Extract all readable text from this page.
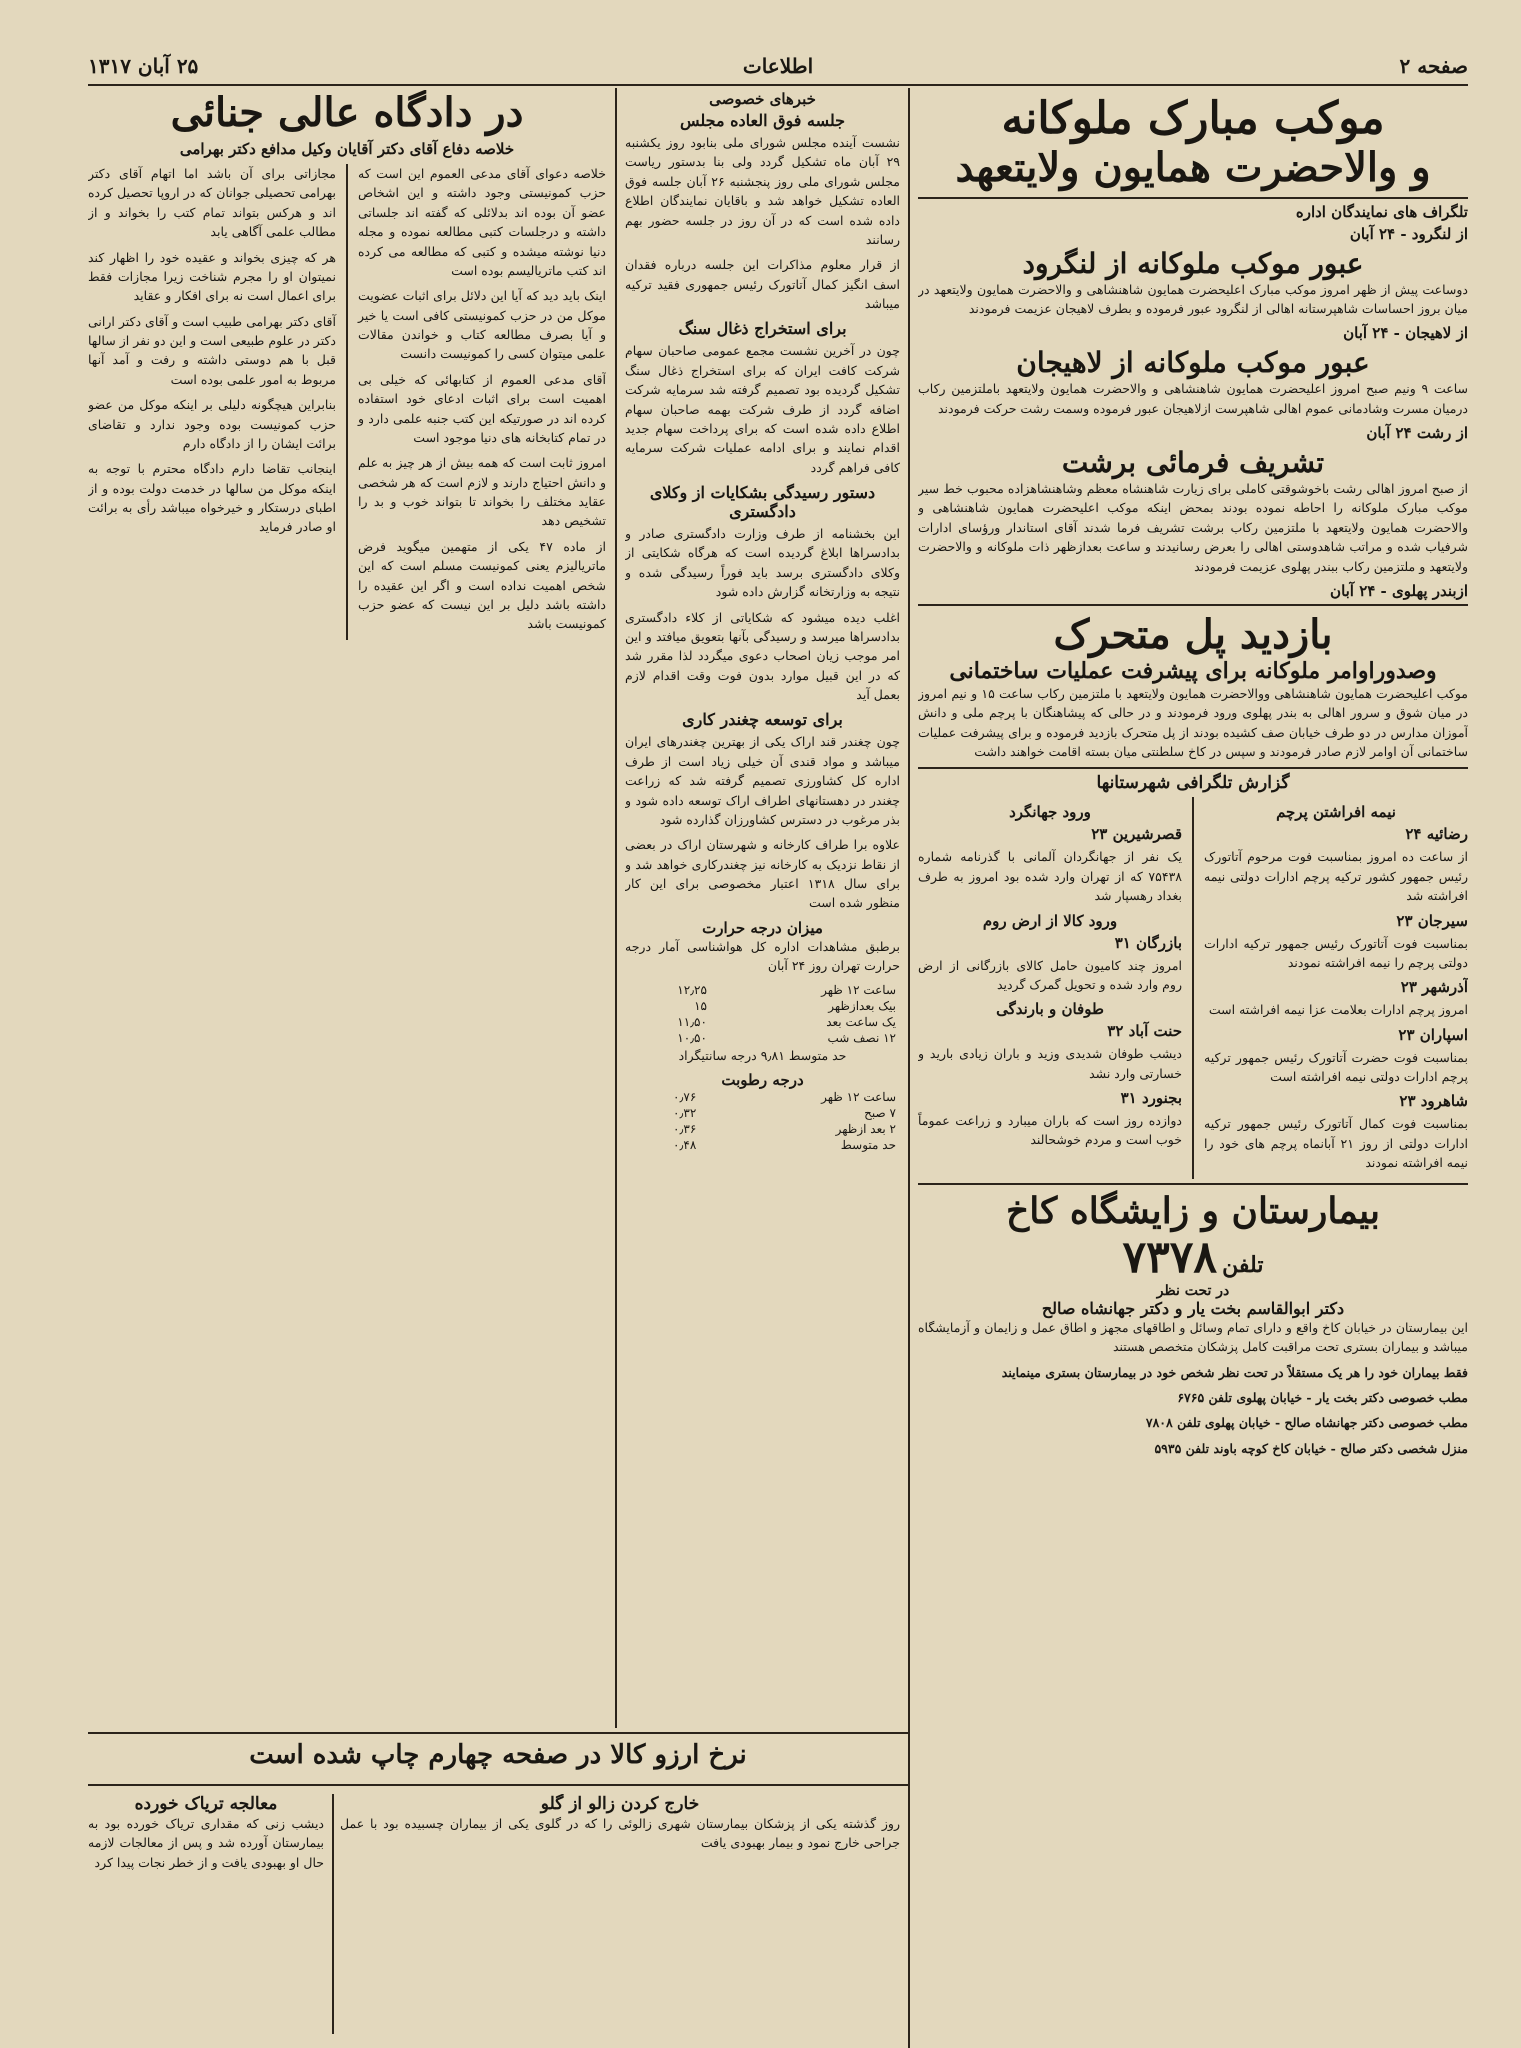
صفحه ۲
اطلاعات
۲۵ آبان ۱۳۱۷
موکب مبارک ملوکانه
و والاحضرت همایون ولایتعهد
تلگراف های نمایندگان اداره
از لنگرود - ۲۴ آبان
عبور موکب ملوکانه از لنگرود

دوساعت پیش از ظهر امروز موکب مبارک اعلیحضرت همایون شاهنشاهی و والاحضرت همایون ولایتعهد در میان بروز احساسات شاهپرستانه اهالی از لنگرود عبور فرموده و بطرف لاهیجان عزیمت فرمودند

از لاهیجان - ۲۴ آبان
عبور موکب ملوکانه از لاهیجان

ساعت ۹ ونیم صبح امروز اعلیحضرت همایون شاهنشاهی و والاحضرت همایون ولایتعهد باملتزمین رکاب درمیان مسرت وشادمانی عموم اهالی شاهپرست ازلاهیجان عبور فرموده وسمت رشت حرکت فرمودند

از رشت ۲۴ آبان
تشریف فرمائی برشت

از صبح امروز اهالی رشت باخوشوقتی کاملی برای زیارت شاهنشاه معظم وشاهنشاهزاده محبوب خط سیر موکب مبارک ملوکانه را احاطه نموده بودند بمحض اینکه موکب اعلیحضرت همایون شاهنشاهی و والاحضرت همایون ولایتعهد با ملتزمین رکاب برشت تشریف فرما شدند آقای استاندار ورؤسای ادارات شرفیاب شده و مراتب شاهدوستی اهالی را بعرض رسانیدند و ساعت بعدازظهر ذات ملوکانه و والاحضرت ولایتعهد و ملتزمین رکاب ببندر پهلوی عزیمت فرمودند

ازبندر پهلوی - ۲۴ آبان
بازدید پل متحرک
وصدوراوامر ملوکانه برای پیشرفت عملیات ساختمانی

موکب اعلیحضرت همایون شاهنشاهی ووالاحضرت همایون ولایتعهد با ملتزمین رکاب ساعت ۱۵ و نیم امروز در میان شوق و سرور اهالی به بندر پهلوی ورود فرمودند و در حالی که پیشاهنگان با پرچم ملی و دانش آموزان مدارس در دو طرف خیابان صف کشیده بودند از پل متحرک بازدید فرموده و برای پیشرفت عملیات ساختمانی آن اوامر لازم صادر فرمودند و سپس در کاخ سلطنتی میان بسته اقامت خواهند داشت

گزارش تلگرافی شهرستانها
نیمه افراشتن پرچم
رضائیه ۲۴

از ساعت ده امروز بمناسبت فوت مرحوم آتاتورک رئیس جمهور کشور ترکیه پرچم ادارات دولتی نیمه افراشته شد

سیرجان ۲۳

بمناسبت فوت آتاتورک رئیس جمهور ترکیه ادارات دولتی پرچم را نیمه افراشته نمودند

آذرشهر ۲۳

امروز پرچم ادارات بعلامت عزا نیمه افراشته است

اسپاران ۲۳

بمناسبت فوت حضرت آتاتورک رئیس جمهور ترکیه پرچم ادارات دولتی نیمه افراشته است

شاهرود ۲۳

بمناسبت فوت کمال آتاتورک رئیس جمهور ترکیه ادارات دولتی از روز ۲۱ آبانماه پرچم های خود را نیمه افراشته نمودند

ورود جهانگرد
قصرشیرین ۲۳

یک نفر از جهانگردان آلمانی با گذرنامه شماره ۷۵۴۳۸ که از تهران وارد شده بود امروز به طرف بغداد رهسپار شد

ورود کالا از ارض روم
بازرگان ۳۱

امروز چند کامیون حامل کالای بازرگانی از ارض روم وارد شده و تحویل گمرک گردید

طوفان و بارندگی
حنت آباد ۳۲

دیشب طوفان شدیدی وزید و باران زیادی بارید و خسارتی وارد نشد

بجنورد ۳۱

دوازده روز است که باران میبارد و زراعت عموماً خوب است و مردم خوشحالند

بیمارستان و زایشگاه کاخ
تلفن ۷۳۷۸
در تحت نظر
دکتر ابوالقاسم بخت یار و دکتر جهانشاه صالح

این بیمارستان در خیابان کاخ واقع و دارای تمام وسائل و اطاقهای مجهز و اطاق عمل و زایمان و آزمایشگاه میباشد و بیماران بستری تحت مراقبت کامل پزشکان متخصص هستند

فقط بیماران خود را هر یک مستقلاً در تحت نظر شخص خود در بیمارستان بستری مینمایند

مطب خصوصی دکتر بخت یار - خیابان پهلوی تلفن ۶۷۶۵

مطب خصوصی دکتر جهانشاه صالح - خیابان پهلوی تلفن ۷۸۰۸

منزل شخصی دکتر صالح - خیابان کاخ کوچه باوند تلفن ۵۹۳۵

خبرهای خصوصی
جلسه فوق العاده مجلس

نشست آینده مجلس شورای ملی بنابود روز یکشنبه ۲۹ آبان ماه تشکیل گردد ولی بنا بدستور ریاست مجلس شورای ملی روز پنجشنبه ۲۶ آبان جلسه فوق العاده تشکیل خواهد شد و باقایان نمایندگان اطلاع داده شده است که در آن روز در جلسه حضور بهم رسانند

از قرار معلوم مذاکرات این جلسه درباره فقدان اسف انگیز کمال آتاتورک رئیس جمهوری فقید ترکیه میباشد

برای استخراج ذغال سنگ

چون در آخرین نشست مجمع عمومی صاحبان سهام شرکت کافت ایران که برای استخراج ذغال سنگ تشکیل گردیده بود تصمیم گرفته شد سرمایه شرکت اضافه گردد از طرف شرکت بهمه صاحبان سهام اطلاع داده شده است که برای پرداخت سهام جدید اقدام نمایند و برای ادامه عملیات شرکت سرمایه کافی فراهم گردد

دستور رسیدگی بشکایات از وکلای دادگستری

این بخشنامه از طرف وزارت دادگستری صادر و بدادسراها ابلاغ گردیده است که هرگاه شکایتی از وکلای دادگستری برسد باید فوراً رسیدگی شده و نتیجه به وزارتخانه گزارش داده شود

اغلب دیده میشود که شکایاتی از کلاء دادگستری بدادسراها میرسد و رسیدگی بآنها بتعویق میافتد و این امر موجب زیان اصحاب دعوی میگردد لذا مقرر شد که در این قبیل موارد بدون فوت وقت اقدام لازم بعمل آید

برای توسعه چغندر کاری

چون چغندر قند اراک یکی از بهترین چغندرهای ایران میباشد و مواد قندی آن خیلی زیاد است از طرف اداره کل کشاورزی تصمیم گرفته شد که زراعت چغندر در دهستانهای اطراف اراک توسعه داده شود و بذر مرغوب در دسترس کشاورزان گذارده شود

علاوه برا طراف کارخانه و شهرستان اراک در بعضی از نقاط نزدیک به کارخانه نیز چغندرکاری خواهد شد و برای سال ۱۳۱۸ اعتبار مخصوصی برای این کار منظور شده است

میزان درجه حرارت

برطبق مشاهدات اداره کل هواشناسی آمار درجه حرارت تهران روز ۲۴ آبان

ساعت ۱۲ ظهر	۱۲٫۲۵
بیک بعدازظهر	۱۵
یک ساعت بعد	۱۱٫۵۰
۱۲ نصف شب	۱۰٫۵۰

حد متوسط ۹٫۸۱ درجه سانتیگراد

درجه رطوبت
ساعت ۱۲ ظهر	۰٫۷۶
۷ صبح	۰٫۳۲
۲ بعد ازظهر	۰٫۳۶
حد متوسط	۰٫۴۸
در دادگاه عالی جنائی
خلاصه دفاع آقای دکتر آقایان وکیل مدافع دکتر بهرامی

خلاصه دعوای آقای مدعی العموم این است که حزب کمونیستی وجود داشته و این اشخاص عضو آن بوده اند بدلائلی که گفته اند جلساتی داشته و درجلسات کتبی مطالعه نموده و مجله دنیا نوشته میشده و کتبی که مطالعه می کرده اند کتب ماتریالیسم بوده است

اینک باید دید که آیا این دلائل برای اثبات عضویت موکل من در حزب کمونیستی کافی است یا خیر و آیا بصرف مطالعه کتاب و خواندن مقالات علمی میتوان کسی را کمونیست دانست

آقای مدعی العموم از کتابهائی که خیلی بی اهمیت است برای اثبات ادعای خود استفاده کرده اند در صورتیکه این کتب جنبه علمی دارد و در تمام کتابخانه های دنیا موجود است

امروز ثابت است که همه بیش از هر چیز به علم و دانش احتیاج دارند و لازم است که هر شخصی عقاید مختلف را بخواند تا بتواند خوب و بد را تشخیص دهد

از ماده ۴۷ یکی از متهمین میگوید فرض ماتریالیزم یعنی کمونیست مسلم است که این شخص اهمیت نداده است و اگر این عقیده را داشته باشد دلیل بر این نیست که عضو حزب کمونیست باشد

مجازاتی برای آن باشد اما اتهام آقای دکتر بهرامی تحصیلی جوانان که در اروپا تحصیل کرده اند و هرکس بتواند تمام کتب را بخواند و از مطالب علمی آگاهی یابد

هر که چیزی بخواند و عقیده خود را اظهار کند نمیتوان او را مجرم شناخت زیرا مجازات فقط برای اعمال است نه برای افکار و عقاید

آقای دکتر بهرامی طبیب است و آقای دکتر ارانی دکتر در علوم طبیعی است و این دو نفر از سالها قبل با هم دوستی داشته و رفت و آمد آنها مربوط به امور علمی بوده است

بنابراین هیچگونه دلیلی بر اینکه موکل من عضو حزب کمونیست بوده وجود ندارد و تقاضای برائت ایشان را از دادگاه دارم

اینجانب تقاضا دارم دادگاه محترم با توجه به اینکه موکل من سالها در خدمت دولت بوده و از اطبای درستکار و خیرخواه میباشد رأی به برائت او صادر فرماید

نرخ ارزو کالا در صفحه چهارم چاپ شده است
خارج کردن زالو از گلو

روز گذشته یکی از پزشکان بیمارستان شهری زالوئی را که در گلوی یکی از بیماران چسبیده بود با عمل جراحی خارج نمود و بیمار بهبودی یافت

معالجه تریاک خورده

دیشب زنی که مقداری تریاک خورده بود به بیمارستان آورده شد و پس از معالجات لازمه حال او بهبودی یافت و از خطر نجات پیدا کرد
